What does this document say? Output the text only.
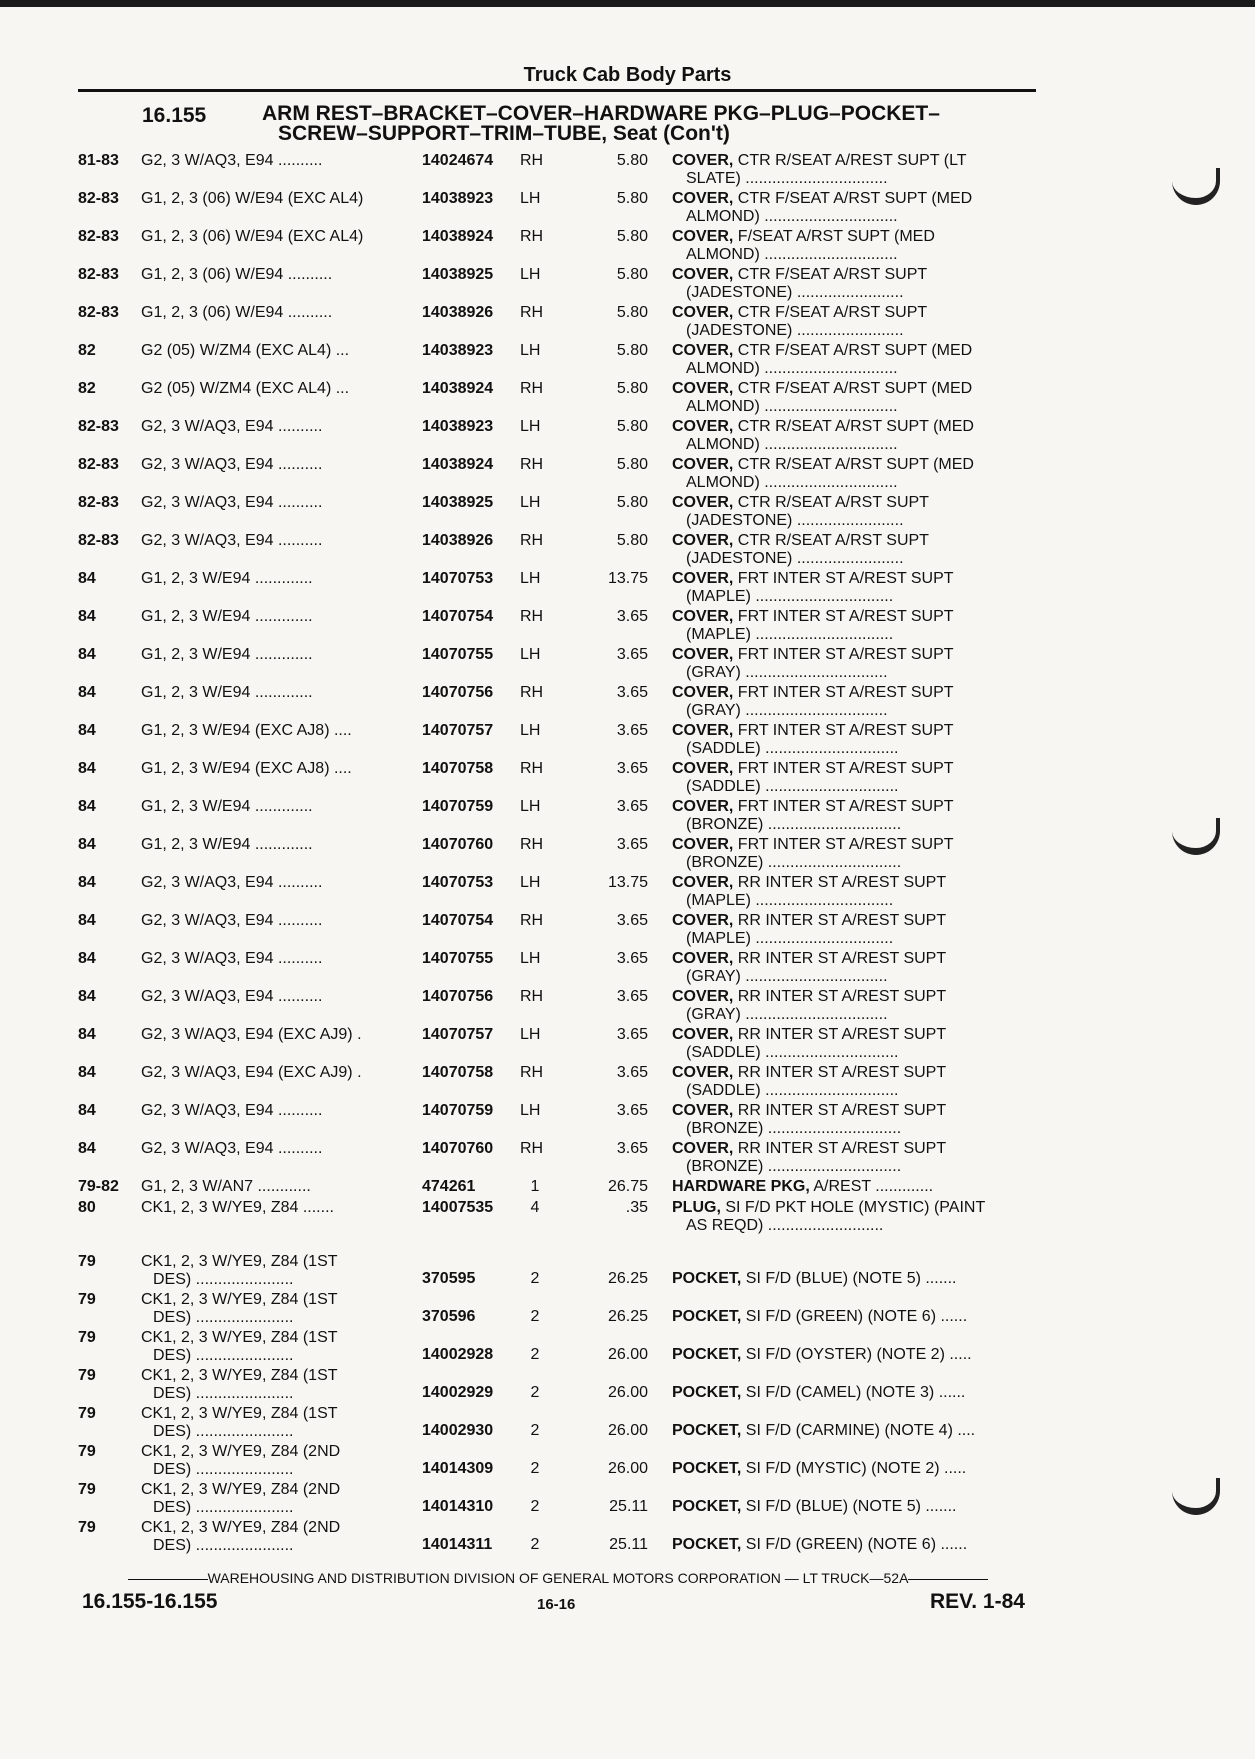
Truck Cab Body Parts
16.155	ARM REST–BRACKET–COVER–HARDWARE PKG–PLUG–POCKET–
SCREW–SUPPORT–TRIM–TUBE, Seat (Con't)
81-83 G2, 3 W/AQ3, E94 ..........	14024674 RH	5.80 COVER, CTR R/SEAT A/REST SUPT (LT
SLATE) ................................
82-83 G1, 2, 3 (06) W/E94 (EXC AL4)	14038923 LH	5.80 COVER, CTR F/SEAT A/RST SUPT (MED
ALMOND) ..............................
82-83 G1, 2, 3 (06) W/E94 (EXC AL4)	14038924 RH	5.80 COVER, F/SEAT A/RST SUPT (MED
ALMOND) ..............................
82-83 G1, 2, 3 (06) W/E94 ..........	14038925 LH	5.80 COVER, CTR F/SEAT A/RST SUPT
(JADESTONE) ........................
82-83 G1, 2, 3 (06) W/E94 ..........	14038926 RH	5.80 COVER, CTR F/SEAT A/RST SUPT
(JADESTONE) ........................
82	G2 (05) W/ZM4 (EXC AL4) ...	14038923 LH	5.80 COVER, CTR F/SEAT A/RST SUPT (MED
ALMOND) ..............................
82	G2 (05) W/ZM4 (EXC AL4) ...	14038924 RH	5.80 COVER, CTR F/SEAT A/RST SUPT (MED
ALMOND) ..............................
82-83 G2, 3 W/AQ3, E94 ..........	14038923 LH	5.80 COVER, CTR R/SEAT A/RST SUPT (MED
ALMOND) ..............................
82-83 G2, 3 W/AQ3, E94 ..........	14038924 RH	5.80 COVER, CTR R/SEAT A/RST SUPT (MED
ALMOND) ..............................
82-83 G2, 3 W/AQ3, E94 ..........	14038925 LH	5.80 COVER, CTR R/SEAT A/RST SUPT
(JADESTONE) ........................
82-83 G2, 3 W/AQ3, E94 ..........	14038926 RH	5.80 COVER, CTR R/SEAT A/RST SUPT
(JADESTONE) ........................
84	G1, 2, 3 W/E94 .............	14070753 LH	13.75 COVER, FRT INTER ST A/REST SUPT
(MAPLE) ...............................
84	G1, 2, 3 W/E94 .............	14070754 RH	3.65 COVER, FRT INTER ST A/REST SUPT
(MAPLE) ...............................
84	G1, 2, 3 W/E94 .............	14070755 LH	3.65 COVER, FRT INTER ST A/REST SUPT
(GRAY) ................................
84	G1, 2, 3 W/E94 .............	14070756 RH	3.65 COVER, FRT INTER ST A/REST SUPT
(GRAY) ................................
84	G1, 2, 3 W/E94 (EXC AJ8) ....	14070757 LH	3.65 COVER, FRT INTER ST A/REST SUPT
(SADDLE) ..............................
84	G1, 2, 3 W/E94 (EXC AJ8) ....	14070758 RH	3.65 COVER, FRT INTER ST A/REST SUPT
(SADDLE) ..............................
84	G1, 2, 3 W/E94 .............	14070759 LH	3.65 COVER, FRT INTER ST A/REST SUPT
(BRONZE) ..............................
84	G1, 2, 3 W/E94 .............	14070760 RH	3.65 COVER, FRT INTER ST A/REST SUPT
(BRONZE) ..............................
84	G2, 3 W/AQ3, E94 ..........	14070753 LH	13.75 COVER, RR INTER ST A/REST SUPT
(MAPLE) ...............................
84	G2, 3 W/AQ3, E94 ..........	14070754 RH	3.65 COVER, RR INTER ST A/REST SUPT
(MAPLE) ...............................
84	G2, 3 W/AQ3, E94 ..........	14070755 LH	3.65 COVER, RR INTER ST A/REST SUPT
(GRAY) ................................
84	G2, 3 W/AQ3, E94 ..........	14070756 RH	3.65 COVER, RR INTER ST A/REST SUPT
(GRAY) ................................
84	G2, 3 W/AQ3, E94 (EXC AJ9) .	14070757 LH	3.65 COVER, RR INTER ST A/REST SUPT
(SADDLE) ..............................
84	G2, 3 W/AQ3, E94 (EXC AJ9) .	14070758 RH	3.65 COVER, RR INTER ST A/REST SUPT
(SADDLE) ..............................
84	G2, 3 W/AQ3, E94 ..........	14070759 LH	3.65 COVER, RR INTER ST A/REST SUPT
(BRONZE) ..............................
84	G2, 3 W/AQ3, E94 ..........	14070760 RH	3.65 COVER, RR INTER ST A/REST SUPT
(BRONZE) ..............................
79-82 G1, 2, 3 W/AN7 ............	474261	1	26.75 HARDWARE PKG, A/REST .............
80	CK1, 2, 3 W/YE9, Z84 .......	14007535	4	.35 PLUG, SI F/D PKT HOLE (MYSTIC) (PAINT
AS REQD) ..........................
79	CK1, 2, 3 W/YE9, Z84 (1ST
DES) ......................	370595	2	26.25 POCKET, SI F/D (BLUE) (NOTE 5) .......
79	CK1, 2, 3 W/YE9, Z84 (1ST
DES) ......................	370596	2	26.25 POCKET, SI F/D (GREEN) (NOTE 6) ......
79	CK1, 2, 3 W/YE9, Z84 (1ST
DES) ......................	14002928	2	26.00 POCKET, SI F/D (OYSTER) (NOTE 2) .....
79	CK1, 2, 3 W/YE9, Z84 (1ST
DES) ......................	14002929	2	26.00 POCKET, SI F/D (CAMEL) (NOTE 3) ......
79	CK1, 2, 3 W/YE9, Z84 (1ST
DES) ......................	14002930	2	26.00 POCKET, SI F/D (CARMINE) (NOTE 4) ....
79	CK1, 2, 3 W/YE9, Z84 (2ND
DES) ......................	14014309	2	26.00 POCKET, SI F/D (MYSTIC) (NOTE 2) .....
79	CK1, 2, 3 W/YE9, Z84 (2ND
DES) ......................	14014310	2	25.11 POCKET, SI F/D (BLUE) (NOTE 5) .......
79	CK1, 2, 3 W/YE9, Z84 (2ND
DES) ......................	14014311	2	25.11 POCKET, SI F/D (GREEN) (NOTE 6) ......
WAREHOUSING AND DISTRIBUTION DIVISION OF GENERAL MOTORS CORPORATION — LT TRUCK—52A
16.155-16.155	16-16	REV. 1-84
